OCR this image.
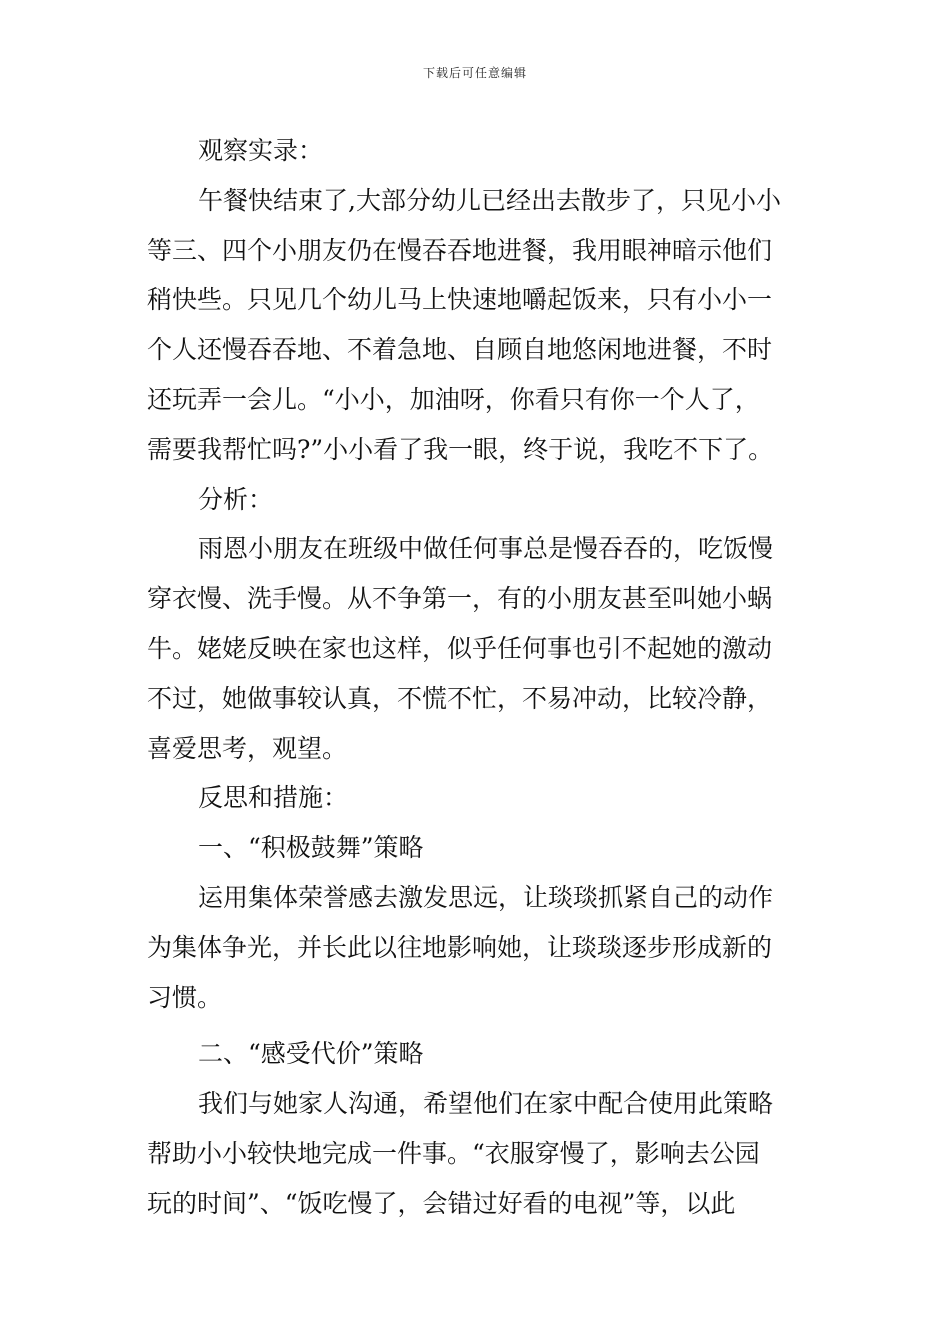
下载后可任意编辑
观察实录：
午餐快结束了,大部分幼儿已经出去散步了，只见小小
等三、四个小朋友仍在慢吞吞地进餐，我用眼神暗示他们
稍快些。只见几个幼儿马上快速地嚼起饭来，只有小小一
个人还慢吞吞地、不着急地、自顾自地悠闲地进餐，不时
还玩弄一会儿。“小小，加油呀，你看只有你一个人了，
需要我帮忙吗?”小小看了我一眼，终于说，我吃不下了。
分析：
雨恩小朋友在班级中做任何事总是慢吞吞的，吃饭慢
穿衣慢、洗手慢。从不争第一，有的小朋友甚至叫她小蜗
牛。姥姥反映在家也这样，似乎任何事也引不起她的激动
不过，她做事较认真，不慌不忙，不易冲动，比较冷静，
喜爱思考，观望。
反思和措施：
一、“积极鼓舞”策略
运用集体荣誉感去激发思远，让琰琰抓紧自己的动作
为集体争光，并长此以往地影响她，让琰琰逐步形成新的
习惯。
二、“感受代价”策略
我们与她家人沟通，希望他们在家中配合使用此策略
帮助小小较快地完成一件事。“衣服穿慢了，影响去公园
玩的时间”、“饭吃慢了，会错过好看的电视”等，以此
